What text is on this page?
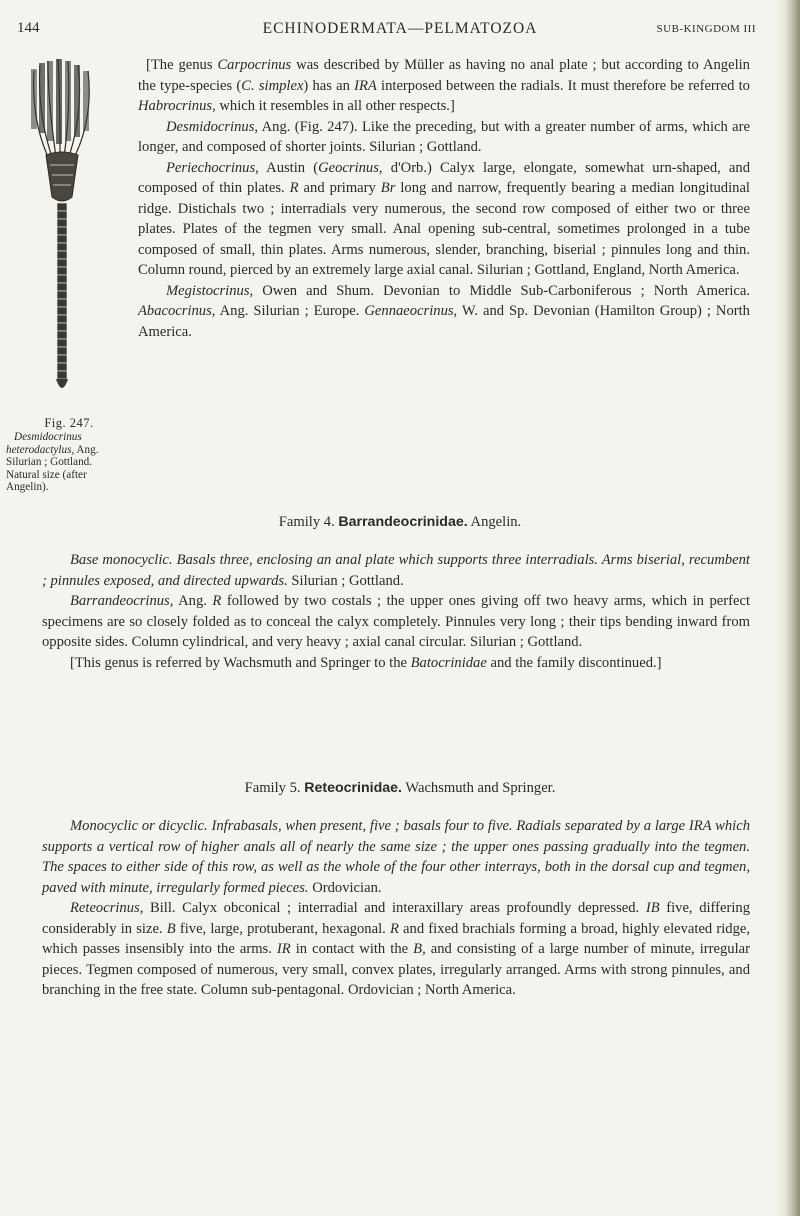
144	ECHINODERMATA—PELMATOZOA	SUB-KINGDOM III
Fig. 247.
Desmidocrinus heterodactylus, Ang. Silurian ; Gottland. Natural size (after Angelin).
[The genus Carpocrinus was described by Müller as having no anal plate ; but according to Angelin the type-species (C. simplex) has an IRA interposed between the radials. It must therefore be referred to Habrocrinus, which it resembles in all other respects.]
Desmidocrinus, Ang. (Fig. 247). Like the preceding, but with a greater number of arms, which are longer, and composed of shorter joints. Silurian ; Gottland.
Periechocrinus, Austin (Geocrinus, d'Orb.) Calyx large, elongate, somewhat urn-shaped, and composed of thin plates. R and primary Br long and narrow, frequently bearing a median longitudinal ridge. Distichals two ; interradials very numerous, the second row composed of either two or three plates. Plates of the tegmen very small. Anal opening sub-central, sometimes prolonged in a tube composed of small, thin plates. Arms numerous, slender, branching, biserial ; pinnules long and thin. Column round, pierced by an extremely large axial canal. Silurian ; Gottland, England, North America.
Megistocrinus, Owen and Shum. Devonian to Middle Sub-Carboniferous ; North America. Abacocrinus, Ang. Silurian ; Europe. Gennaeocrinus, W. and Sp. Devonian (Hamilton Group) ; North America.
Family 4. Barrandeocrinidae. Angelin.
Base monocyclic. Basals three, enclosing an anal plate which supports three interradials. Arms biserial, recumbent ; pinnules exposed, and directed upwards. Silurian ; Gottland.
Barrandeocrinus, Ang. R followed by two costals ; the upper ones giving off two heavy arms, which in perfect specimens are so closely folded as to conceal the calyx completely. Pinnules very long ; their tips bending inward from opposite sides. Column cylindrical, and very heavy ; axial canal circular. Silurian ; Gottland.
[This genus is referred by Wachsmuth and Springer to the Batocrinidae and the family discontinued.]
Family 5. Reteocrinidae. Wachsmuth and Springer.
Monocyclic or dicyclic. Infrabasals, when present, five ; basals four to five. Radials separated by a large IRA which supports a vertical row of higher anals all of nearly the same size ; the upper ones passing gradually into the tegmen. The spaces to either side of this row, as well as the whole of the four other interrays, both in the dorsal cup and tegmen, paved with minute, irregularly formed pieces. Ordovician.
Reteocrinus, Bill. Calyx obconical ; interradial and interaxillary areas profoundly depressed. IB five, differing considerably in size. B five, large, protuberant, hexagonal. R and fixed brachials forming a broad, highly elevated ridge, which passes insensibly into the arms. IR in contact with the B, and consisting of a large number of minute, irregular pieces. Tegmen composed of numerous, very small, convex plates, irregularly arranged. Arms with strong pinnules, and branching in the free state. Column sub-pentagonal. Ordovician ; North America.
